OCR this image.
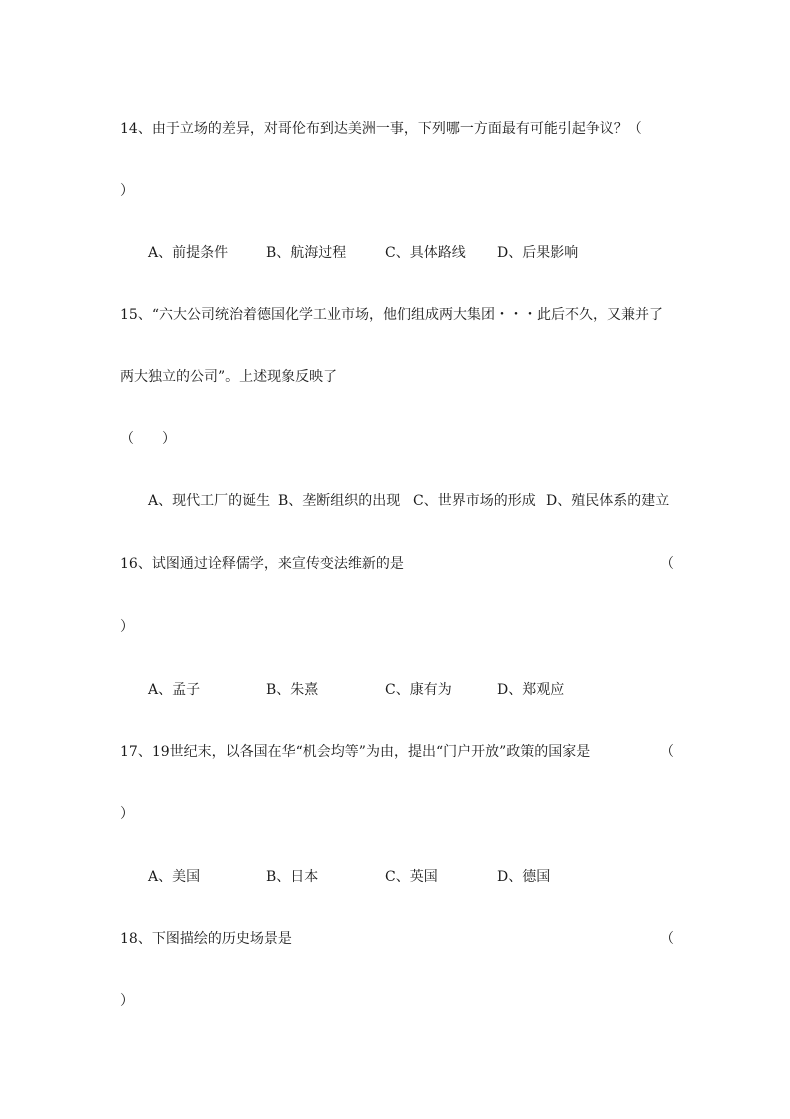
14、由于立场的差异，对哥伦布到达美洲一事，下列哪一方面最有可能引起争议？（
）
A、前提条件	B、航海过程	C、具体路线 D、后果影响
15、“六大公司统治着德国化学工业市场，他们组成两大集团・・・此后不久，又兼并了
两大独立的公司”。上述现象反映了
（　　）
A、现代工厂的诞生 B、垄断组织的出现 C、世界市场的形成 D、殖民体系的建立
16、试图通过诠释儒学，来宣传变法维新的是	（
）
A、孟子	B、朱熹	C、康有为	D、郑观应
17、19世纪末，以各国在华“机会均等”为由，提出“门户开放”政策的国家是	（
）
A、美国	B、日本	C、英国	D、德国
18、下图描绘的历史场景是	（
）
